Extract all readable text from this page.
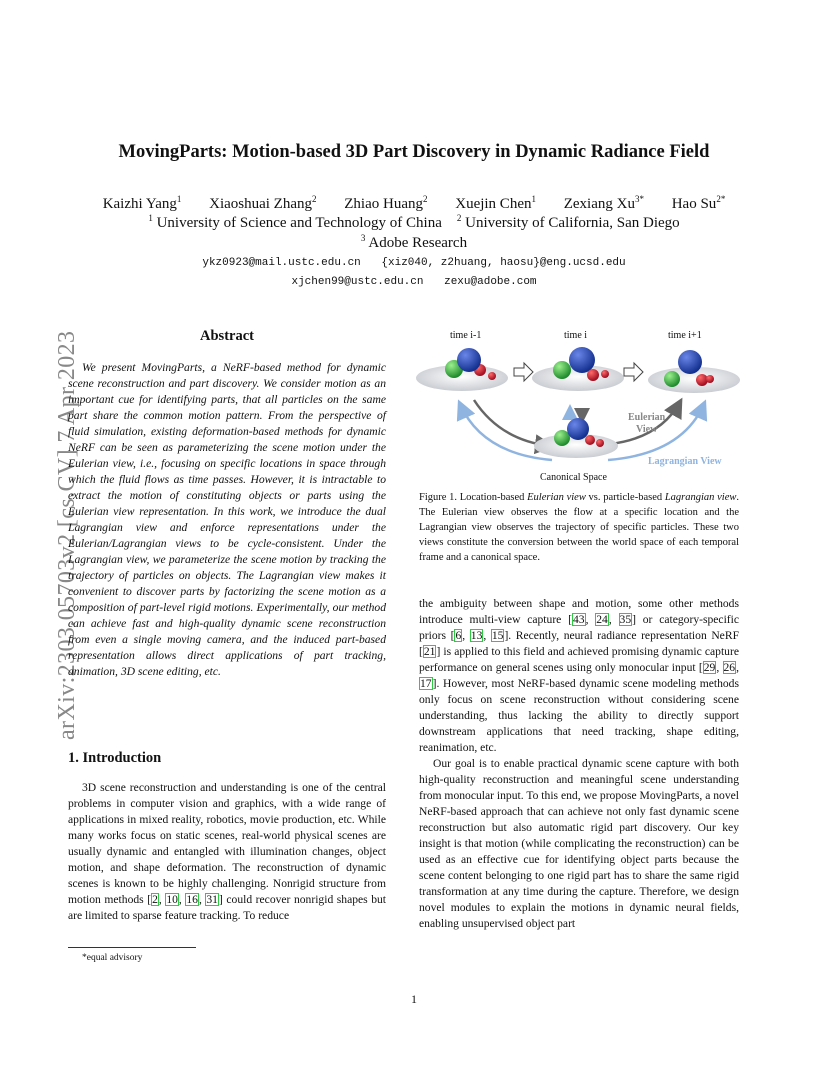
arXiv:2303.05703v2 [cs.CV] 7 Apr 2023
MovingParts: Motion-based 3D Part Discovery in Dynamic Radiance Field
Kaizhi Yang$^1$ Xiaoshuai Zhang$^2$ Zhiao Huang$^2$ Xuejin Chen$^1$ Zexiang $Xu^{3*}$ Hao $Su^{2*}$
$^1$ University of Science and Technology of China $^2$ University of California, San Diego
$^3$ Adobe Research
ykz0923@mail.ustc.edu.cn {xiz040, z2huang, haosu}@eng.ucsd.edu
xjchen99@ustc.edu.cn zexu@adobe.com
Abstract
We present MovingParts, a NeRF-based method for dynamic scene reconstruction and part discovery. We consider motion as an important cue for identifying parts, that all particles on the same part share the common motion pattern. From the perspective of fluid simulation, existing deformation-based methods for dynamic NeRF can be seen as parameterizing the scene motion under the Eulerian view, i.e., focusing on specific locations in space through which the fluid flows as time passes. However, it is intractable to extract the motion of constituting objects or parts using the Eulerian view representation. In this work, we introduce the dual Lagrangian view and enforce representations under the Eulerian/Lagrangian views to be cycle-consistent. Under the Lagrangian view, we parameterize the scene motion by tracking the trajectory of particles on objects. The Lagrangian view makes it convenient to discover parts by factorizing the scene motion as a composition of part-level rigid motions. Experimentally, our method can achieve fast and high-quality dynamic scene reconstruction from even a single moving camera, and the induced part-based representation allows direct applications of part tracking, animation, 3D scene editing, etc.
1. Introduction
3D scene reconstruction and understanding is one of the central problems in computer vision and graphics, with a wide range of applications in mixed reality, robotics, movie production, etc. While many works focus on static scenes, real-world physical scenes are usually dynamic and entangled with illumination changes, object motion, and shape deformation. The reconstruction of dynamic scenes is known to be highly challenging. Nonrigid structure from motion methods [2, 10, 16, 31] could recover nonrigid shapes but are limited to sparse feature tracking. To reduce
*equal advisory
1
time i-1	time i	time i+1
Eulerian View
Lagrangian View
Canonical Space
Figure 1. Location-based Eulerian view vs. particle-based Lagrangian view. The Eulerian view observes the flow at a specific location and the Lagrangian view observes the trajectory of specific particles. These two views constitute the conversion between the world space of each temporal frame and a canonical space.
the ambiguity between shape and motion, some other methods introduce multi-view capture [43, 24, 35] or category-specific priors [6, 13, 15]. Recently, neural radiance representation NeRF [21] is applied to this field and achieved promising dynamic capture performance on general scenes using only monocular input [29, 26, 17]. However, most NeRF-based dynamic scene modeling methods only focus on scene reconstruction without considering scene understanding, thus lacking the ability to directly support downstream applications that need tracking, shape editing, reanimation, etc.
Our goal is to enable practical dynamic scene capture with both high-quality reconstruction and meaningful scene understanding from monocular input. To this end, we propose MovingParts, a novel NeRF-based approach that can achieve not only fast dynamic scene reconstruction but also automatic rigid part discovery. Our key insight is that motion (while complicating the reconstruction) can be used as an effective cue for identifying object parts because the scene content belonging to one rigid part has to share the same rigid transformation at any time during the capture. Therefore, we design novel modules to explain the motions in dynamic neural fields, enabling unsupervised object part
